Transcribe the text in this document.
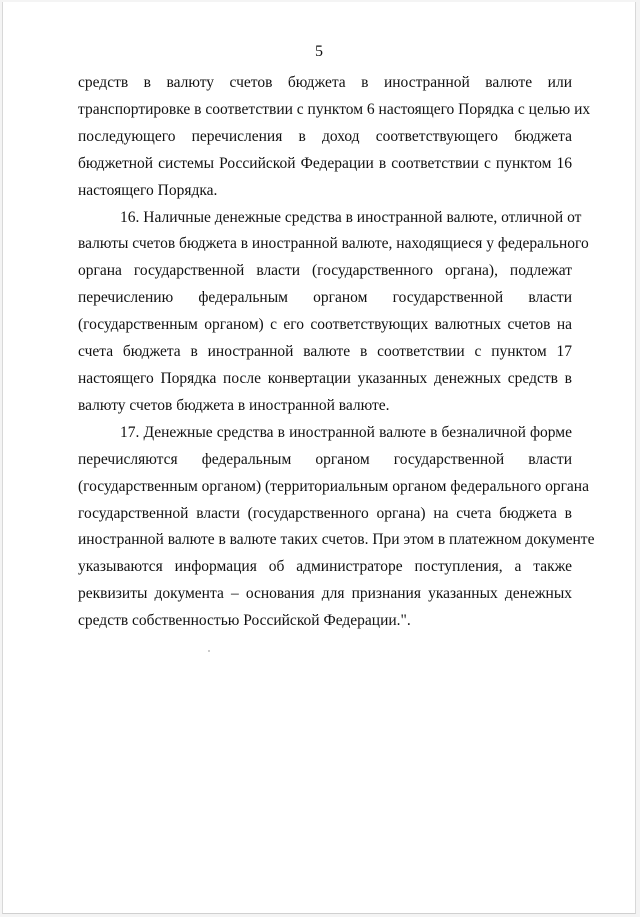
5

средств в валюту счетов бюджета в иностранной валюте или
транспортировке в соответствии с пунктом 6 настоящего Порядка с целью их
последующего перечисления в доход соответствующего бюджета
бюджетной системы Российской Федерации в соответствии с пунктом 16
настоящего Порядка.

16. Наличные денежные средства в иностранной валюте, отличной от
валюты счетов бюджета в иностранной валюте, находящиеся у федерального
органа государственной власти (государственного органа), подлежат
перечислению федеральным органом государственной власти
(государственным органом) с его соответствующих валютных счетов на
счета бюджета в иностранной валюте в соответствии с пунктом 17
настоящего Порядка после конвертации указанных денежных средств в
валюту счетов бюджета в иностранной валюте.

17. Денежные средства в иностранной валюте в безналичной форме
перечисляются федеральным органом государственной власти
(государственным органом) (территориальным органом федерального органа
государственной власти (государственного органа) на счета бюджета в
иностранной валюте в валюте таких счетов. При этом в платежном документе
указываются информация об администраторе поступления, а также
реквизиты документа – основания для признания указанных денежных
средств собственностью Российской Федерации.".
